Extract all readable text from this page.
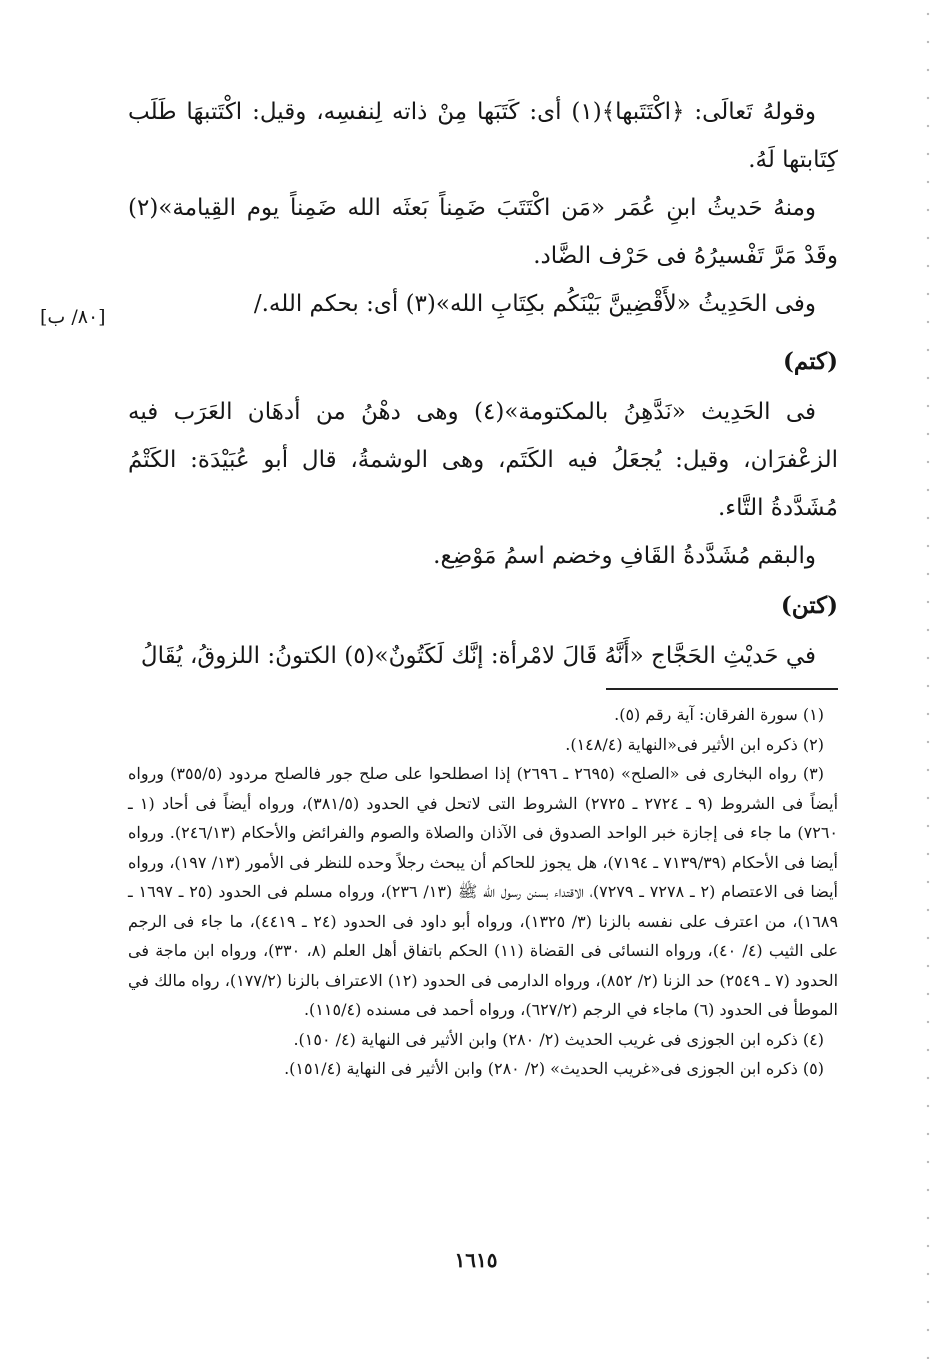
وقولهُ تَعالَى: ﴿اكْتَتَبها﴾(١) أى: كَتَبَها مِنْ ذاته لِنفسِه، وقيل: اكْتَتبهَا طَلَب كِتَابتها لَهُ.

ومنهُ حَديثُ ابنِ عُمَر «مَن اكْتَتَبَ ضَمِناً بَعثَه الله ضَمِناً يوم القِيامة»(٢) وقَدْ مَرَّ تَفْسيرُهُ فى حَرْف الضَّاد.

وفى الحَدِيثُ «لأَقْضِينَّ بَيْنَكُم بكِتَابِ الله»(٣) أى: بحكم الله./

(كتم)

فى الحَدِيث «نَدَّهِنُ بالمكتومة»(٤) وهى دهْنُ من أدهَان العَرَب فيه الزعْفرَان، وقيل: يُجعَلُ فيه الكَتَم، وهى الوشمةُ، قال أبو عُبَيْدَة: الكَتْمُ مُشَدَّدةُ التَّاء.

والبقم مُشَدَّدةُ القَافِ وخضم اسمُ مَوْضِع.

(كتن)

في حَديْثِ الحَجَّاج «أَنَّهُ قَالَ لامْرأة: إنَّك لَكَتُونٌ»(٥) الكتونُ: اللزوقُ، يُقَالُ

[٨٠/ ب]

(١) سورة الفرقان: آية رقم (٥).

(٢) ذكره ابن الأثير فى«النهاية (١٤٨/٤).

(٣) رواه البخارى فى «الصلح» (٢٦٩٥ ـ ٢٦٩٦) إذا اصطلحوا على صلح جور فالصلح مردود (٣٥٥/٥) ورواه أيضاً فى الشروط (٩ ـ ٢٧٢٤ ـ ٢٧٢٥) الشروط التى لاتحل في الحدود (٣٨١/٥)، ورواه أيضاً فى أحاد (١ ـ ٧٢٦٠) ما جاء فى إجازة خبر الواحد الصدوق فى الآذان والصلاة والصوم والفرائض والأحكام (٢٤٦/١٣). ورواه أيضا فى الأحكام (٧١٣٩/٣٩ ـ ٧١٩٤)، هل يجوز للحاكم أن يبحث رجلاً وحده للنظر فى الأمور (١٣/ ١٩٧)، ورواه أيضا فى الاعتصام (٢ ـ ٧٢٧٨ ـ ٧٢٧٩)، الاقتداء بسنن رسول الله ﷺ (١٣/ ٢٣٦)، ورواه مسلم فى الحدود (٢٥ ـ ١٦٩٧ ـ ١٦٨٩)، من اعترف على نفسه بالزنا (٣/ ١٣٢٥)، ورواه أبو داود فى الحدود (٢٤ ـ ٤٤١٩)، ما جاء فى الرجم على الثيب (٤/ ٤٠)، ورواه النسائى فى القضاة (١١) الحكم باتفاق أهل العلم (٨، ٣٣٠)، ورواه ابن ماجة فى الحدود (٧ ـ ٢٥٤٩) حد الزنا (٢/ ٨٥٢)، ورواه الدارمى فى الحدود (١٢) الاعتراف بالزنا (١٧٧/٢)، رواه مالك في الموطأ فى الحدود (٦) ماجاء في الرجم (٦٢٧/٢)، ورواه أحمد فى مسنده (١١٥/٤).

(٤) ذكره ابن الجوزى فى غريب الحديث (٢/ ٢٨٠) وابن الأثير فى النهاية (٤/ ١٥٠).

(٥) ذكره ابن الجوزى فى«غريب الحديث» (٢/ ٢٨٠) وابن الأثير فى النهاية (١٥١/٤).

١٦١٥
